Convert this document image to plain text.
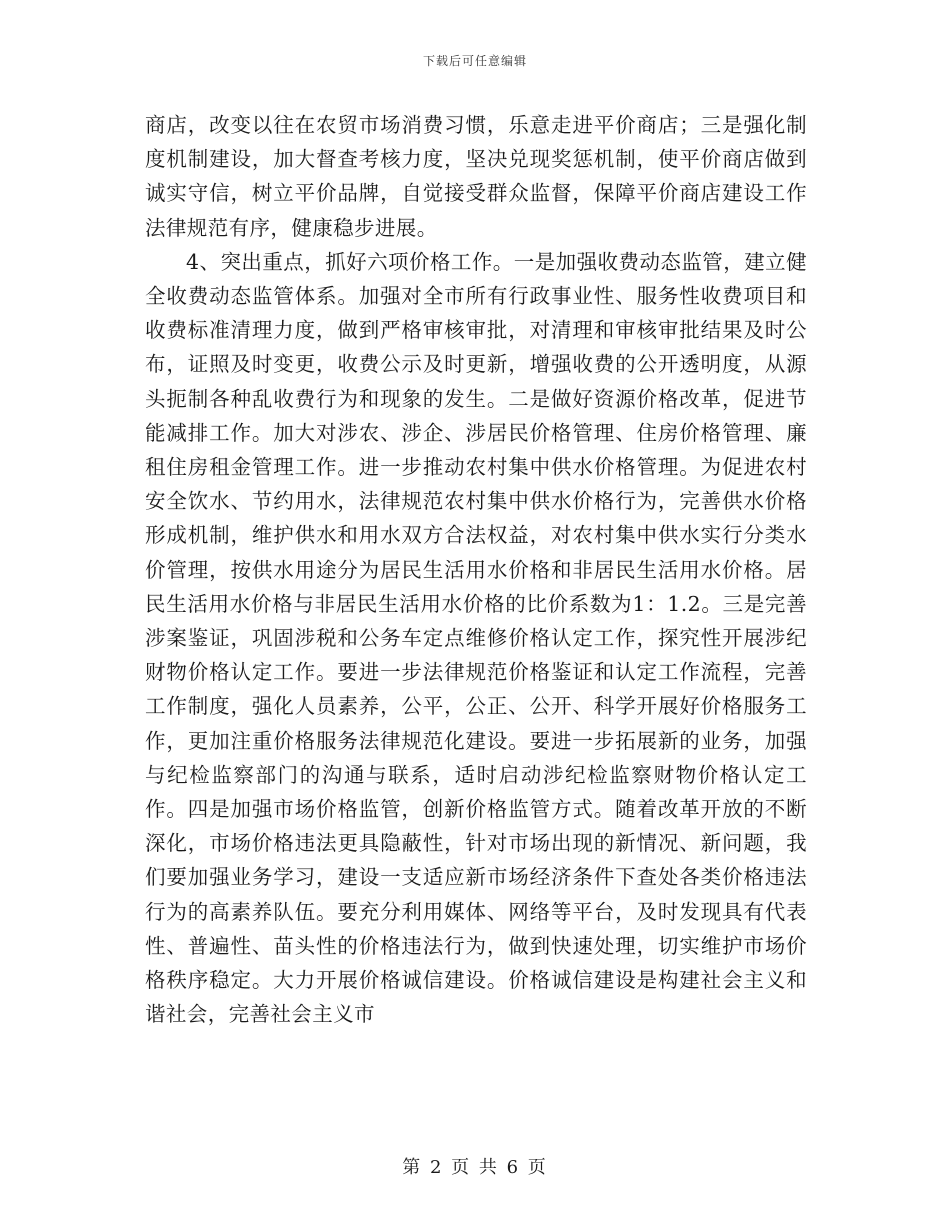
下载后可任意编辑

商店，改变以往在农贸市场消费习惯，乐意走进平价商店；三是强化制度机制建设，加大督查考核力度，坚决兑现奖惩机制，使平价商店做到诚实守信，树立平价品牌，自觉接受群众监督，保障平价商店建设工作法律规范有序，健康稳步进展。

4、突出重点，抓好六项价格工作。一是加强收费动态监管，建立健全收费动态监管体系。加强对全市所有行政事业性、服务性收费项目和收费标准清理力度，做到严格审核审批，对清理和审核审批结果及时公布，证照及时变更，收费公示及时更新，增强收费的公开透明度，从源头扼制各种乱收费行为和现象的发生。二是做好资源价格改革，促进节能减排工作。加大对涉农、涉企、涉居民价格管理、住房价格管理、廉租住房租金管理工作。进一步推动农村集中供水价格管理。为促进农村安全饮水、节约用水，法律规范农村集中供水价格行为，完善供水价格形成机制，维护供水和用水双方合法权益，对农村集中供水实行分类水价管理，按供水用途分为居民生活用水价格和非居民生活用水价格。居民生活用水价格与非居民生活用水价格的比价系数为1：1.2。三是完善涉案鉴证，巩固涉税和公务车定点维修价格认定工作，探究性开展涉纪财物价格认定工作。要进一步法律规范价格鉴证和认定工作流程，完善工作制度，强化人员素养，公平，公正、公开、科学开展好价格服务工作，更加注重价格服务法律规范化建设。要进一步拓展新的业务，加强与纪检监察部门的沟通与联系，适时启动涉纪检监察财物价格认定工作。四是加强市场价格监管，创新价格监管方式。随着改革开放的不断深化，市场价格违法更具隐蔽性，针对市场出现的新情况、新问题，我们要加强业务学习，建设一支适应新市场经济条件下查处各类价格违法行为的高素养队伍。要充分利用媒体、网络等平台，及时发现具有代表性、普遍性、苗头性的价格违法行为，做到快速处理，切实维护市场价格秩序稳定。大力开展价格诚信建设。价格诚信建设是构建社会主义和谐社会，完善社会主义市

第 2 页 共 6 页
